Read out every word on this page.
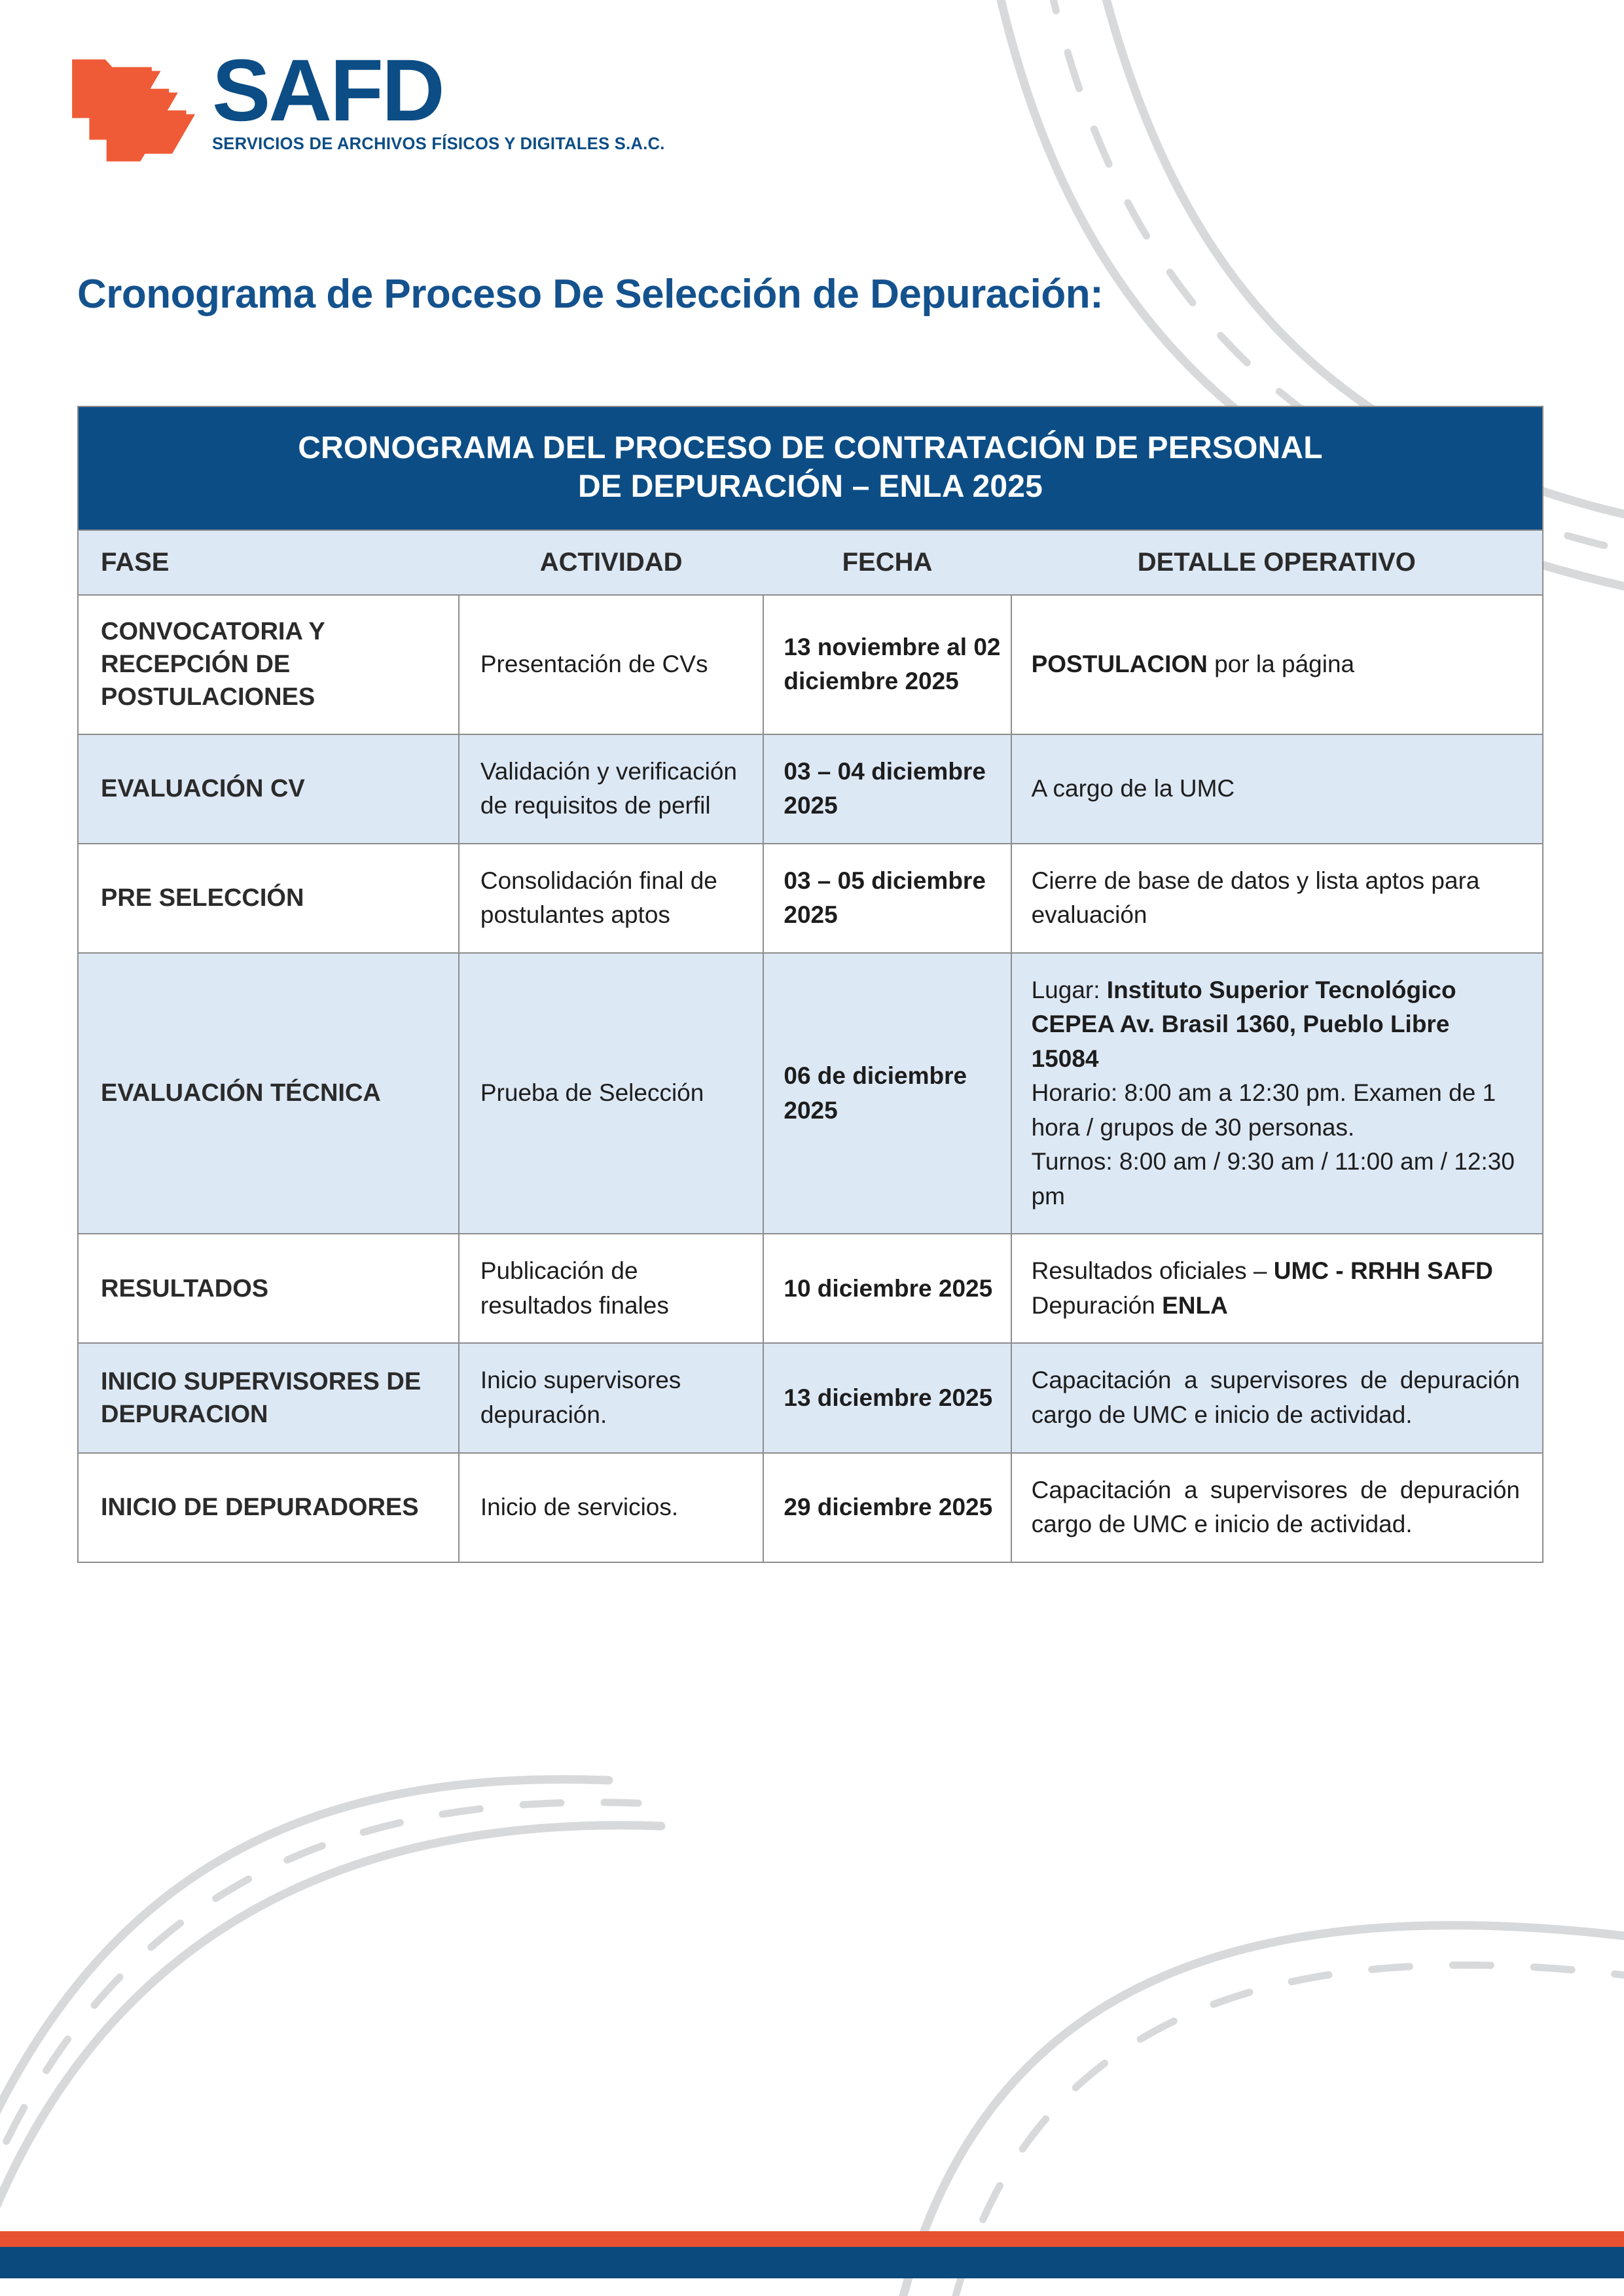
SAFD
SERVICIOS DE ARCHIVOS FÍSICOS Y DIGITALES S.A.C.
Cronograma de Proceso De Selección de Depuración:
CRONOGRAMA DEL PROCESO DE CONTRATACIÓN DE PERSONAL
DE DEPURACIÓN – ENLA 2025			
FASE	ACTIVIDAD	FECHA	DETALLE OPERATIVO
CONVOCATORIA Y RECEPCIÓN DE POSTULACIONES	Presentación de CVs	13 noviembre al 02 diciembre 2025	POSTULACION por la página
EVALUACIÓN CV	Validación y verificación de requisitos de perfil	03 – 04 diciembre 2025	A cargo de la UMC
PRE SELECCIÓN	Consolidación final de postulantes aptos	03 – 05 diciembre 2025	Cierre de base de datos y lista aptos para evaluación
EVALUACIÓN TÉCNICA	Prueba de Selección	06 de diciembre 2025	Lugar: Instituto Superior Tecnológico CEPEA Av. Brasil 1360, Pueblo Libre 15084
Horario: 8:00 am a 12:30 pm. Examen de 1 hora / grupos de 30 personas.
Turnos: 8:00 am / 9:30 am / 11:00 am / 12:30 pm
RESULTADOS	Publicación de resultados finales	10 diciembre 2025	Resultados oficiales – UMC - RRHH SAFD Depuración ENLA
INICIO SUPERVISORES DE DEPURACION	Inicio supervisores depuración.	13 diciembre 2025	Capacitación a supervisores de depuración cargo de UMC e inicio de actividad.
INICIO DE DEPURADORES	Inicio de servicios.	29 diciembre 2025	Capacitación a supervisores de depuración cargo de UMC e inicio de actividad.
